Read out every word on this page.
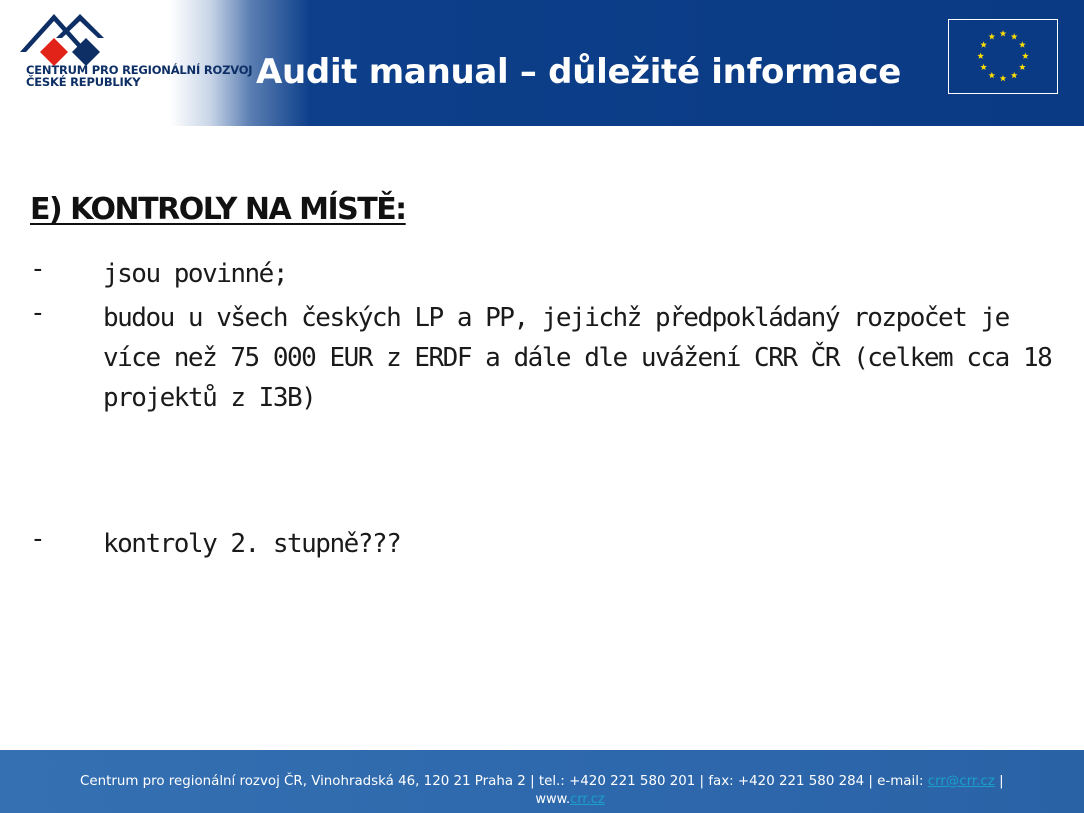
CENTRUM PRO REGIONÁLNÍ ROZVOJ
ČESKÉ REPUBLIKY	Audit manual – důležité informace
E) KONTROLY NA MÍSTĚ:
- jsou povinné;
- budou u všech českých LP a PP, jejichž předpokládaný rozpočet je více než 75 000 EUR z ERDF a dále dle uvážení CRR ČR (celkem cca 18 projektů z I3B)
- kontroly 2. stupně???
Centrum pro regionální rozvoj ČR, Vinohradská 46, 120 21 Praha 2 | tel.: +420 221 580 201 | fax: +420 221 580 284 | e-mail: crr@crr.cz |
www.crr.cz
